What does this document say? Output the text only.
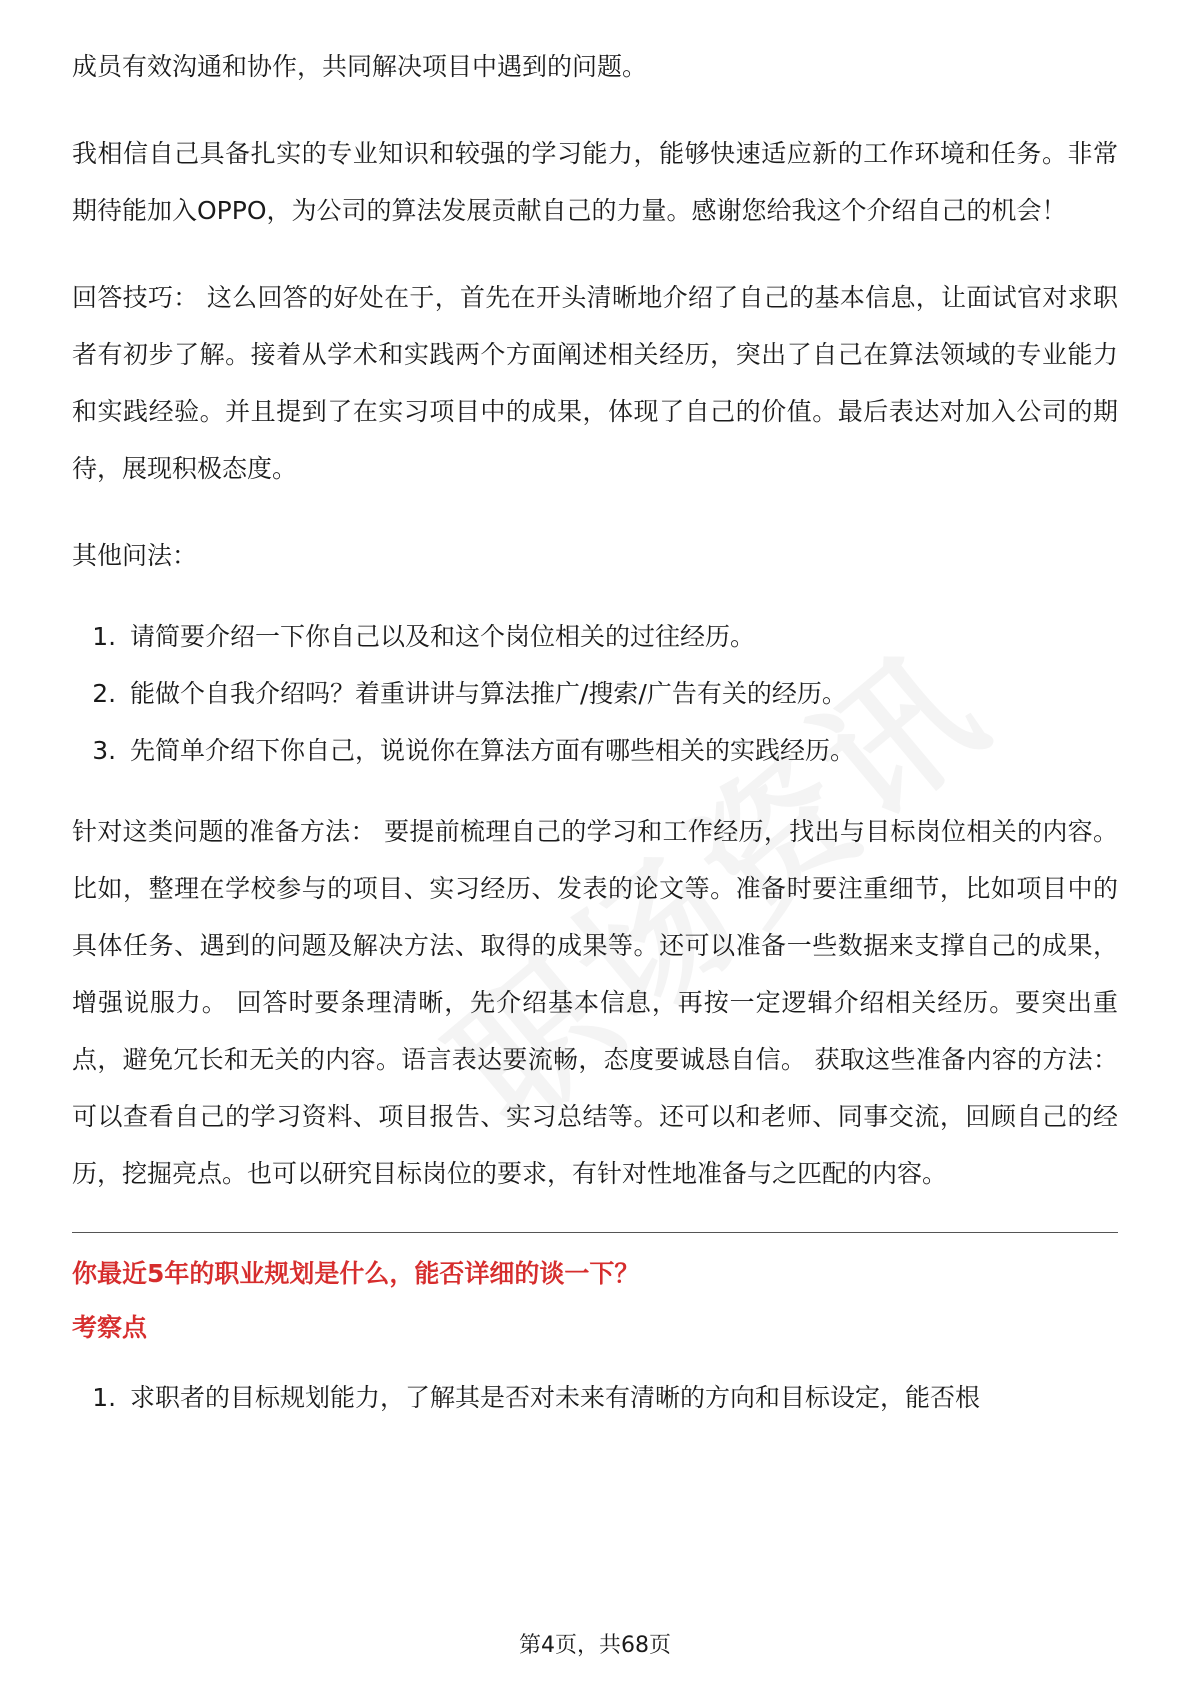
成员有效沟通和协作，共同解决项目中遇到的问题。

我相信自己具备扎实的专业知识和较强的学习能力，能够快速适应新的工作环境和任务。非常期待能加入OPPO，为公司的算法发展贡献自己的力量。感谢您给我这个介绍自己的机会！

回答技巧： 这么回答的好处在于，首先在开头清晰地介绍了自己的基本信息，让面试官对求职者有初步了解。接着从学术和实践两个方面阐述相关经历，突出了自己在算法领域的专业能力和实践经验。并且提到了在实习项目中的成果，体现了自己的价值。最后表达对加入公司的期待，展现积极态度。

其他问法：

1. 请简要介绍一下你自己以及和这个岗位相关的过往经历。
2. 能做个自我介绍吗？着重讲讲与算法推广/搜索/广告有关的经历。
3. 先简单介绍下你自己，说说你在算法方面有哪些相关的实践经历。

针对这类问题的准备方法： 要提前梳理自己的学习和工作经历，找出与目标岗位相关的内容。比如，整理在学校参与的项目、实习经历、发表的论文等。准备时要注重细节，比如项目中的具体任务、遇到的问题及解决方法、取得的成果等。还可以准备一些数据来支撑自己的成果，增强说服力。 回答时要条理清晰，先介绍基本信息，再按一定逻辑介绍相关经历。要突出重点，避免冗长和无关的内容。语言表达要流畅，态度要诚恳自信。 获取这些准备内容的方法：可以查看自己的学习资料、项目报告、实习总结等。还可以和老师、同事交流，回顾自己的经历，挖掘亮点。也可以研究目标岗位的要求，有针对性地准备与之匹配的内容。

你最近5年的职业规划是什么，能否详细的谈一下？
考察点
1. 求职者的目标规划能力，了解其是否对未来有清晰的方向和目标设定，能否根
第4页，共68页
